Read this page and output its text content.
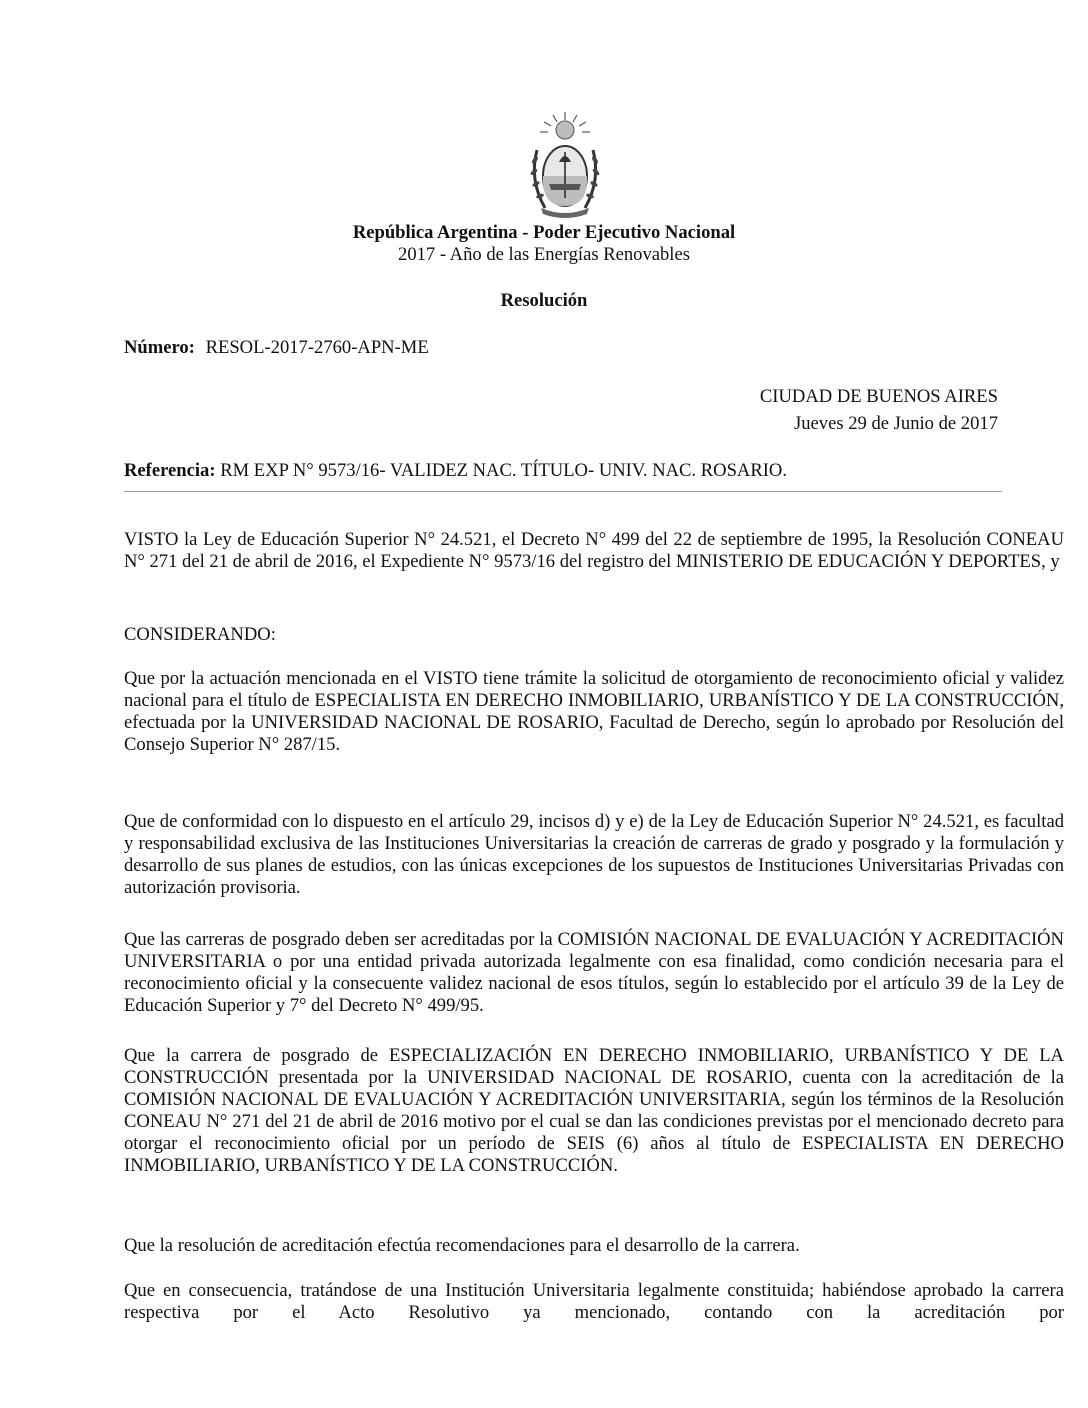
República Argentina - Poder Ejecutivo Nacional
2017 - Año de las Energías Renovables
Resolución
Número: RESOL-2017-2760-APN-ME
CIUDAD DE BUENOS AIRES
Jueves 29 de Junio de 2017
Referencia: RM EXP N° 9573/16- VALIDEZ NAC. TÍTULO- UNIV. NAC. ROSARIO.
VISTO la Ley de Educación Superior N° 24.521, el Decreto N° 499 del 22 de septiembre de 1995, la Resolución CONEAU N° 271 del 21 de abril de 2016, el Expediente N° 9573/16 del registro del MINISTERIO DE EDUCACIÓN Y DEPORTES, y
CONSIDERANDO:
Que por la actuación mencionada en el VISTO tiene trámite la solicitud de otorgamiento de reconocimiento oficial y validez nacional para el título de ESPECIALISTA EN DERECHO INMOBILIARIO, URBANÍSTICO Y DE LA CONSTRUCCIÓN, efectuada por la UNIVERSIDAD NACIONAL DE ROSARIO, Facultad de Derecho, según lo aprobado por Resolución del Consejo Superior N° 287/15.
Que de conformidad con lo dispuesto en el artículo 29, incisos d) y e) de la Ley de Educación Superior N° 24.521, es facultad y responsabilidad exclusiva de las Instituciones Universitarias la creación de carreras de grado y posgrado y la formulación y desarrollo de sus planes de estudios, con las únicas excepciones de los supuestos de Instituciones Universitarias Privadas con autorización provisoria.
Que las carreras de posgrado deben ser acreditadas por la COMISIÓN NACIONAL DE EVALUACIÓN Y ACREDITACIÓN UNIVERSITARIA o por una entidad privada autorizada legalmente con esa finalidad, como condición necesaria para el reconocimiento oficial y la consecuente validez nacional de esos títulos, según lo establecido por el artículo 39 de la Ley de Educación Superior y 7° del Decreto N° 499/95.
Que la carrera de posgrado de ESPECIALIZACIÓN EN DERECHO INMOBILIARIO, URBANÍSTICO Y DE LA CONSTRUCCIÓN presentada por la UNIVERSIDAD NACIONAL DE ROSARIO, cuenta con la acreditación de la COMISIÓN NACIONAL DE EVALUACIÓN Y ACREDITACIÓN UNIVERSITARIA, según los términos de la Resolución CONEAU N° 271 del 21 de abril de 2016 motivo por el cual se dan las condiciones previstas por el mencionado decreto para otorgar el reconocimiento oficial por un período de SEIS (6) años al título de ESPECIALISTA EN DERECHO INMOBILIARIO, URBANÍSTICO Y DE LA CONSTRUCCIÓN.
Que la resolución de acreditación efectúa recomendaciones para el desarrollo de la carrera.
Que en consecuencia, tratándose de una Institución Universitaria legalmente constituida; habiéndose aprobado la carrera respectiva por el Acto Resolutivo ya mencionado, contando con la acreditación por
